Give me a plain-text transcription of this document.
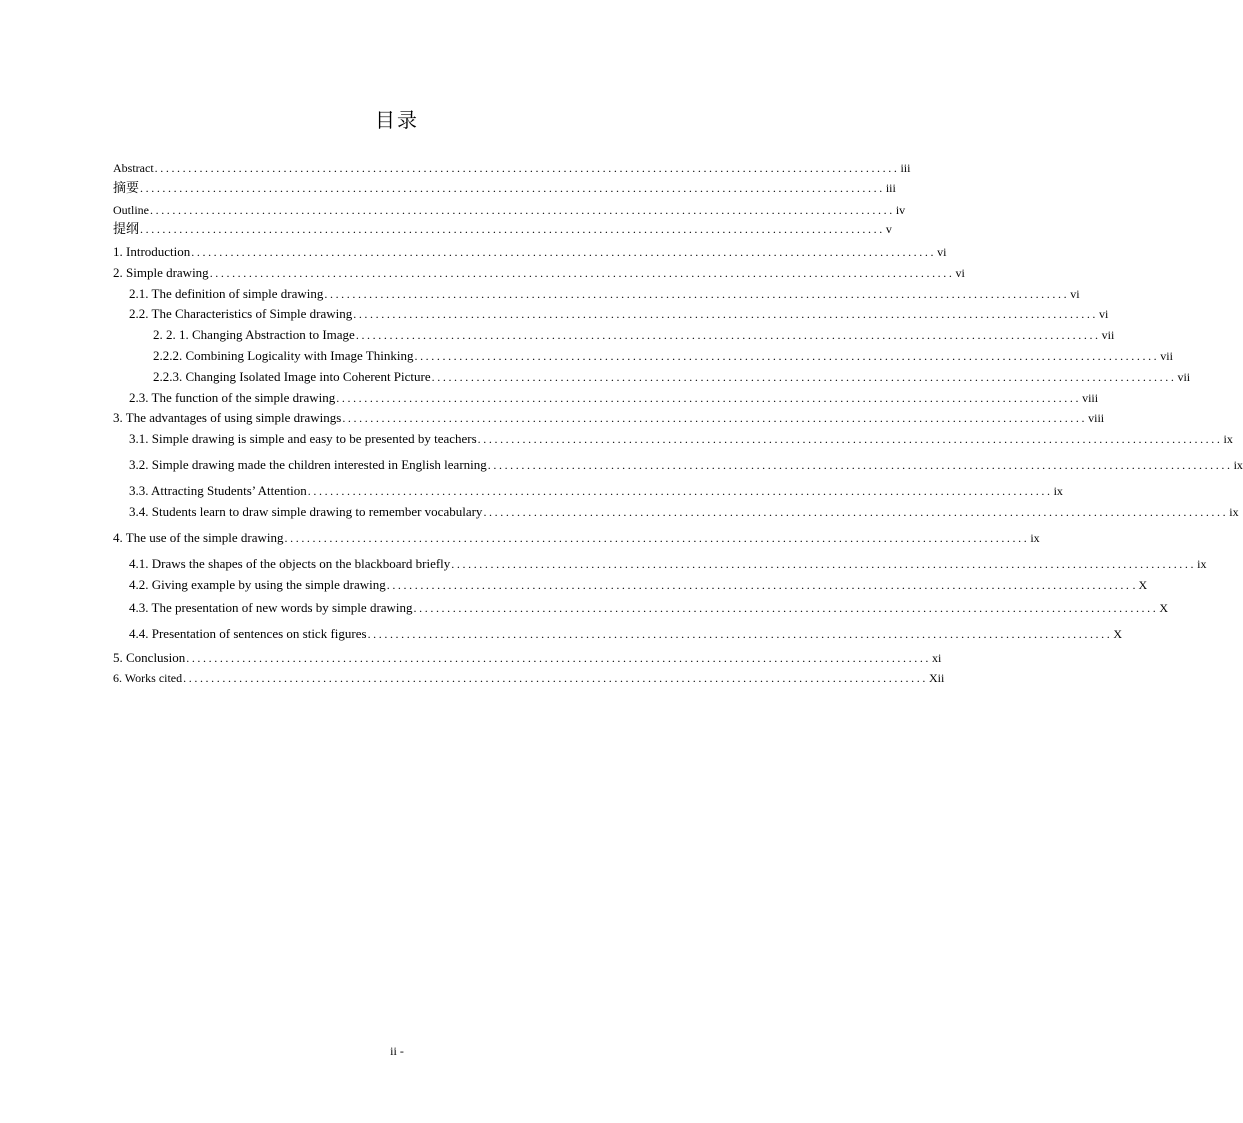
目录
Abstract ..................................................................................................................................... iii
摘要 ..................................................................................................................................... iii
Outline ..................................................................................................................................... iv
提纲 ..................................................................................................................................... v
1. Introduction ..................................................................................................................................... vi
2. Simple drawing ..................................................................................................................................... vi
2.1. The definition of simple drawing ..................................................................................................................................... vi
2.2. The Characteristics of Simple drawing ..................................................................................................................................... vi
2. 2. 1. Changing Abstraction to Image ..................................................................................................................................... vii
2.2.2. Combining Logicality with Image Thinking ..................................................................................................................................... vii
2.2.3. Changing Isolated Image into Coherent Picture ..................................................................................................................................... vii
2.3. The function of the simple drawing ..................................................................................................................................... viii
3. The advantages of using simple drawings ..................................................................................................................................... viii
3.1. Simple drawing is simple and easy to be presented by teachers ..................................................................................................................................... ix
3.2. Simple drawing made the children interested in English learning ..................................................................................................................................... ix
3.3. Attracting Students’ Attention ..................................................................................................................................... ix
3.4. Students learn to draw simple drawing to remember vocabulary ..................................................................................................................................... ix
4. The use of the simple drawing ..................................................................................................................................... ix
4.1. Draws the shapes of the objects on the blackboard briefly ..................................................................................................................................... ix
4.2. Giving example by using the simple drawing ..................................................................................................................................... . X
4.3. The presentation of new words by simple drawing ..................................................................................................................................... X
4.4. Presentation of sentences on stick figures ..................................................................................................................................... X
5. Conclusion ..................................................................................................................................... xi
6. Works cited ..................................................................................................................................... Xii
ii -
